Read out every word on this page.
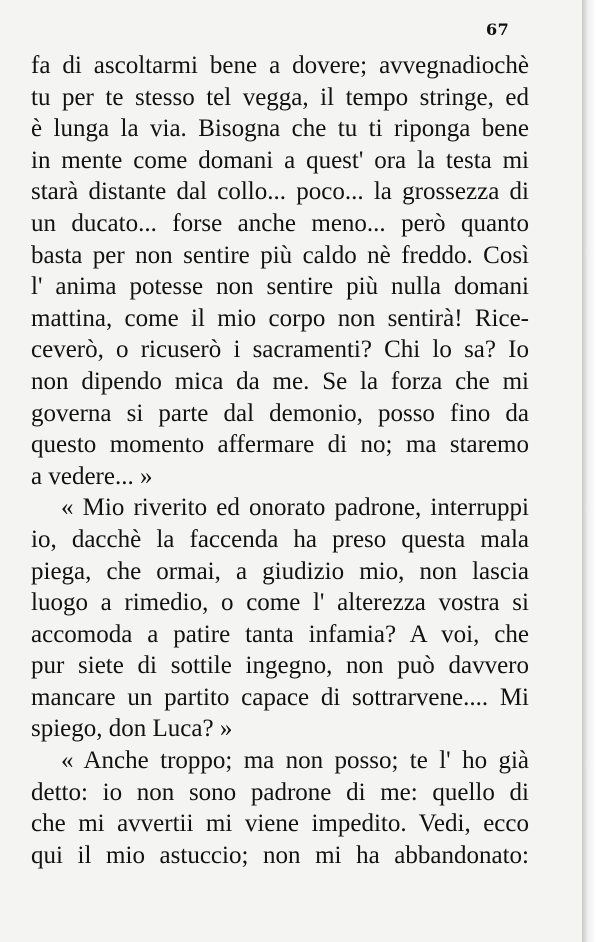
67
fa di ascoltarmi bene a dovere; avvegnadiochè
tu per te stesso tel vegga, il tempo stringe, ed
è lunga la via. Bisogna che tu ti riponga bene
in mente come domani a quest' ora la testa mi
starà distante dal collo... poco... la grossezza di
un ducato... forse anche meno... però quanto
basta per non sentire più caldo nè freddo. Così
l' anima potesse non sentire più nulla domani
mattina, come il mio corpo non sentirà! Rice-
ceverò, o ricuserò i sacramenti? Chi lo sa? Io
non dipendo mica da me. Se la forza che mi
governa si parte dal demonio, posso fino da
questo momento affermare di no; ma staremo
a vedere... »
« Mio riverito ed onorato padrone, interruppi
io, dacchè la faccenda ha preso questa mala
piega, che ormai, a giudizio mio, non lascia
luogo a rimedio, o come l' alterezza vostra si
accomoda a patire tanta infamia? A voi, che
pur siete di sottile ingegno, non può davvero
mancare un partito capace di sottrarvene.... Mi
spiego, don Luca? »
« Anche troppo; ma non posso; te l' ho già
detto: io non sono padrone di me: quello di
che mi avvertii mi viene impedito. Vedi, ecco
qui il mio astuccio; non mi ha abbandonato:
